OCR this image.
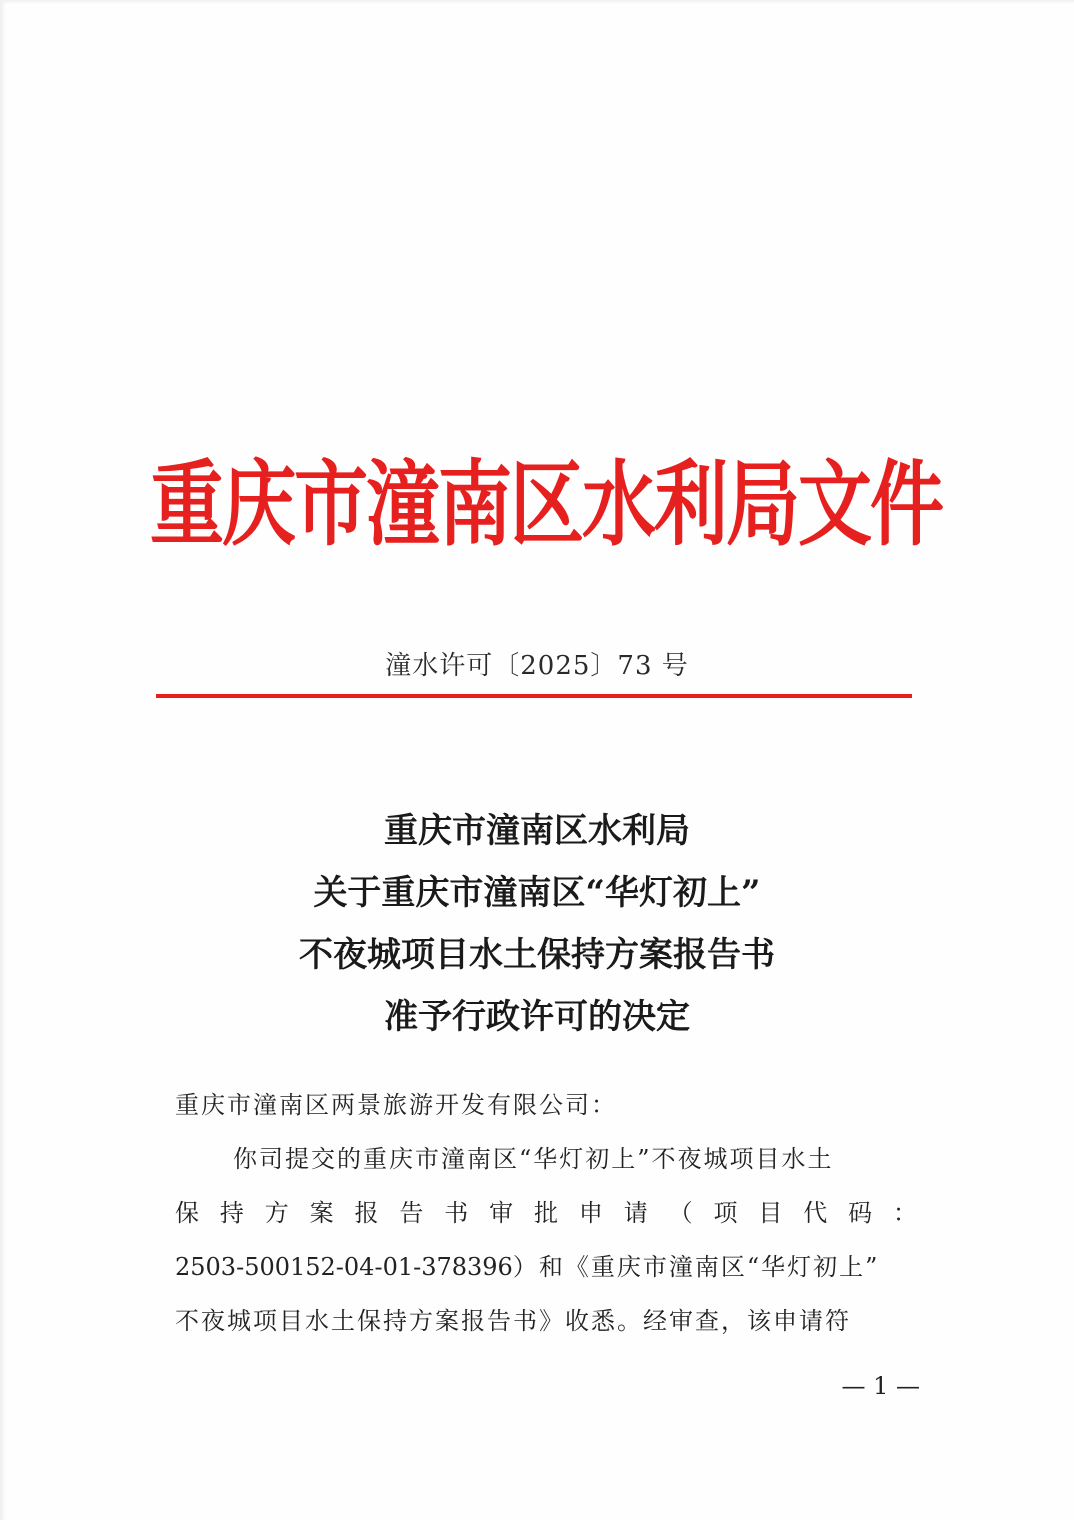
重庆市潼南区水利局文件
潼水许可〔2025〕73 号
重庆市潼南区水利局
关于重庆市潼南区“华灯初上”
不夜城项目水土保持方案报告书
准予行政许可的决定
重庆市潼南区两景旅游开发有限公司：
你司提交的重庆市潼南区“华灯初上”不夜城项目水土
保持方案报告书审批申请（项目代码：
2503-500152-04-01-378396）和《重庆市潼南区“华灯初上”
不夜城项目水土保持方案报告书》收悉。经审查，该申请符
— 1 —
